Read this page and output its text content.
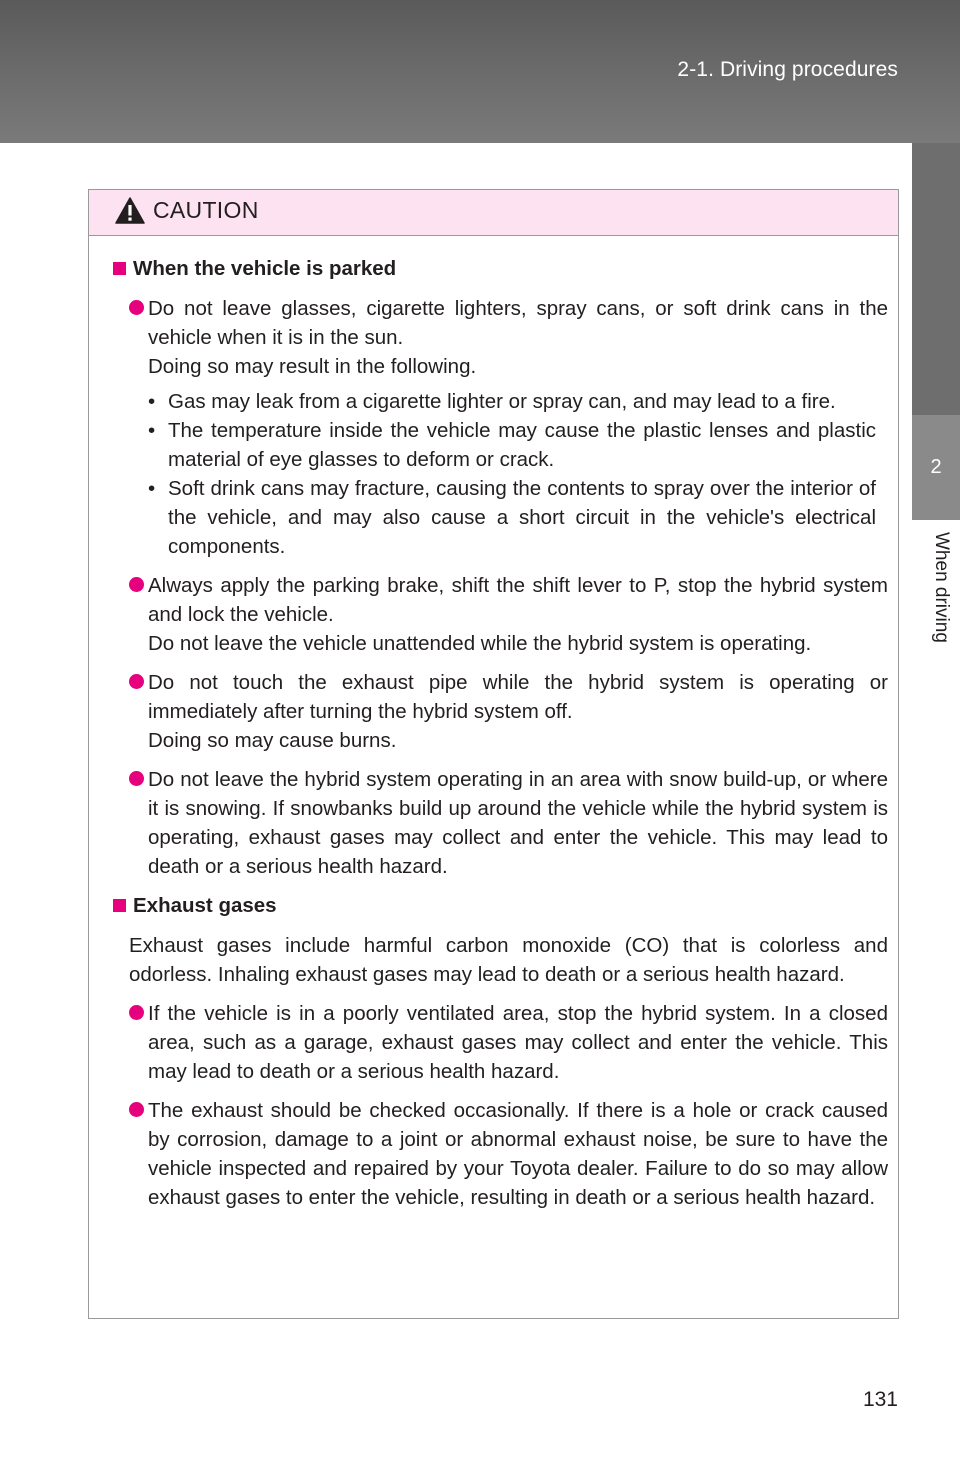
2-1. Driving procedures
2
When driving
CAUTION
When the vehicle is parked
Do not leave glasses, cigarette lighters, spray cans, or soft drink cans in the vehicle when it is in the sun.
Doing so may result in the following.
• Gas may leak from a cigarette lighter or spray can, and may lead to a fire.
• The temperature inside the vehicle may cause the plastic lenses and plastic material of eye glasses to deform or crack.
• Soft drink cans may fracture, causing the contents to spray over the interior of the vehicle, and may also cause a short circuit in the vehicle's electrical components.
Always apply the parking brake, shift the shift lever to P, stop the hybrid system and lock the vehicle.
Do not leave the vehicle unattended while the hybrid system is operating.
Do not touch the exhaust pipe while the hybrid system is operating or immediately after turning the hybrid system off.
Doing so may cause burns.
Do not leave the hybrid system operating in an area with snow build-up, or where it is snowing. If snowbanks build up around the vehicle while the hybrid system is operating, exhaust gases may collect and enter the vehicle. This may lead to death or a serious health hazard.
Exhaust gases
Exhaust gases include harmful carbon monoxide (CO) that is colorless and odorless. Inhaling exhaust gases may lead to death or a serious health hazard.
If the vehicle is in a poorly ventilated area, stop the hybrid system. In a closed area, such as a garage, exhaust gases may collect and enter the vehicle. This may lead to death or a serious health hazard.
The exhaust should be checked occasionally. If there is a hole or crack caused by corrosion, damage to a joint or abnormal exhaust noise, be sure to have the vehicle inspected and repaired by your Toyota dealer. Failure to do so may allow exhaust gases to enter the vehicle, resulting in death or a serious health hazard.
131
